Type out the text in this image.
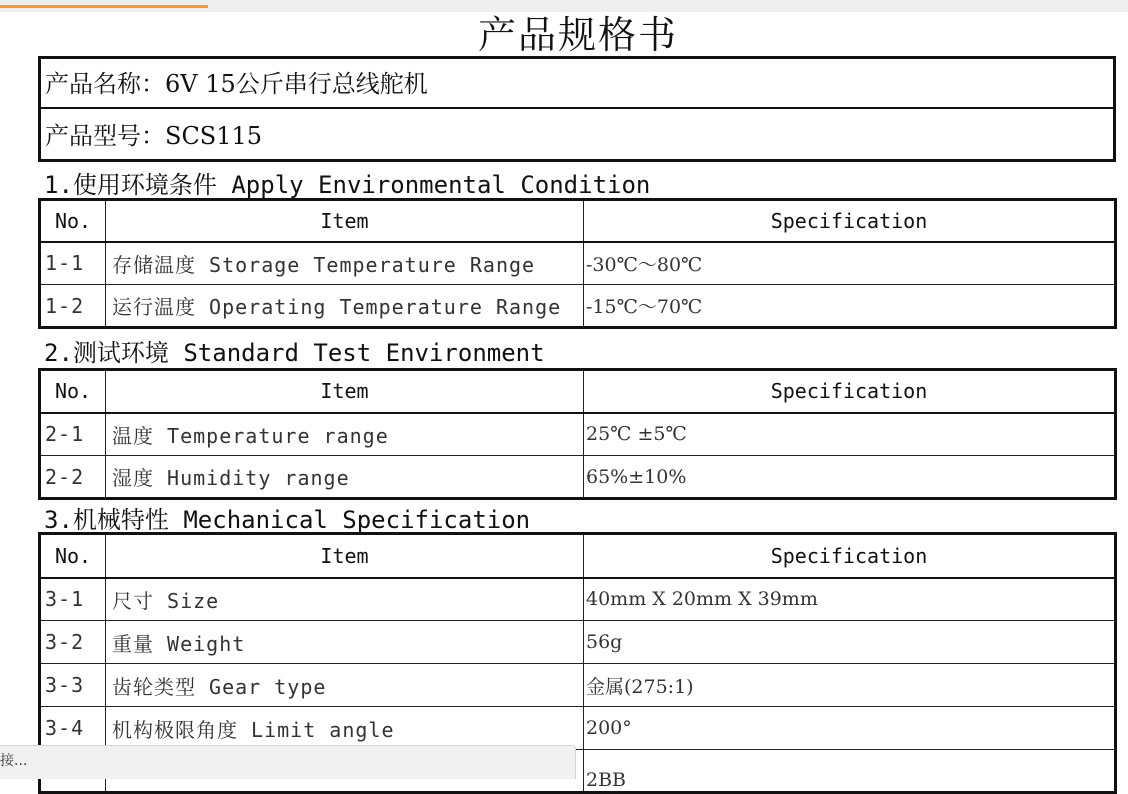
产品规格书
产品名称：6V 15公斤串行总线舵机
产品型号：SCS115
1.使用环境条件 Apply Environmental Condition
No.	Item	Specification
1-1	存储温度 Storage Temperature Range	-30℃～80℃
1-2	运行温度 Operating Temperature Range	-15℃～70℃
2.测试环境 Standard Test Environment
No.	Item	Specification
2-1	温度 Temperature range	25℃ ±5℃
2-2	湿度 Humidity range	65%±10%
3.机械特性 Mechanical Specification
No.	Item	Specification
3-1	尺寸 Size	40mm X 20mm X 39mm
3-2	重量 Weight	56g
3-3	齿轮类型 Gear type	金属(275:1)
3-4	机构极限角度 Limit angle	200°
		2BB
接...
